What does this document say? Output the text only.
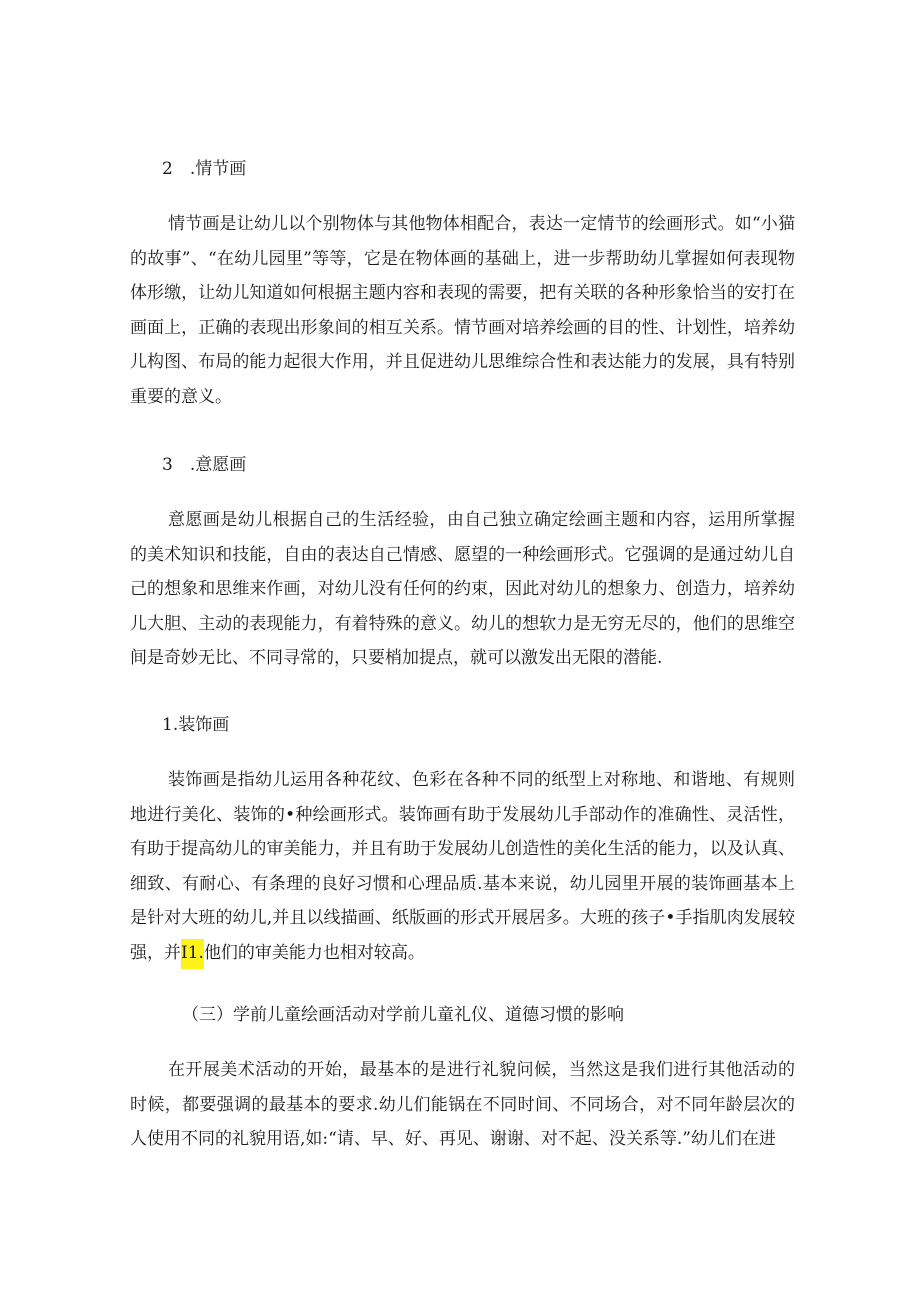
2　.情节画

情节画是让幼儿以个别物体与其他物体相配合，表达一定情节的绘画形式。如“小猫的故事”、“在幼儿园里”等等，它是在物体画的基础上，进一步帮助幼儿掌握如何表现物体形缴，让幼儿知道如何根据主题内容和表现的需要，把有关联的各种形象恰当的安打在画面上，正确的表现出形象间的相互关系。情节画对培养绘画的目的性、计划性，培养幼儿构图、布局的能力起很大作用，并且促进幼儿思维综合性和表达能力的发展，具有特别重要的意义。

3　.意愿画

意愿画是幼儿根据自己的生活经验，由自己独立确定绘画主题和内容，运用所掌握的美术知识和技能，自由的表达自己情感、愿望的一种绘画形式。它强调的是通过幼儿自己的想象和思维来作画，对幼儿没有任何的约束，因此对幼儿的想象力、创造力，培养幼儿大胆、主动的表现能力，有着特殊的意义。幼儿的想软力是无穷无尽的，他们的思维空间是奇妙无比、不同寻常的，只要梢加提点，就可以激发出无限的潜能.

1.装饰画

装饰画是指幼儿运用各种花纹、色彩在各种不同的纸型上对称地、和谐地、有规则地进行美化、装饰的•种绘画形式。装饰画有助于发展幼儿手部动作的准确性、灵活性，有助于提高幼儿的审美能力，并且有助于发展幼儿创造性的美化生活的能力，以及认真、细致、有耐心、有条理的良好习惯和心理品质.基本来说，幼儿园里开展的装饰画基本上是针对大班的幼儿,并且以线描画、纸版画的形式开展居多。大班的孩子•手指肌肉发展较强，并I1.他们的审美能力也相对较高。

（三）学前儿童绘画活动对学前儿童礼仪、道德习惯的影响

在开展美术活动的开始，最基本的是进行礼貌问候，当然这是我们进行其他活动的时候，都要强调的最基本的要求.幼儿们能锅在不同时间、不同场合，对不同年龄层次的人使用不同的礼貌用语,如:“请、早、好、再见、谢谢、对不起、没关系等.”幼儿们在进
